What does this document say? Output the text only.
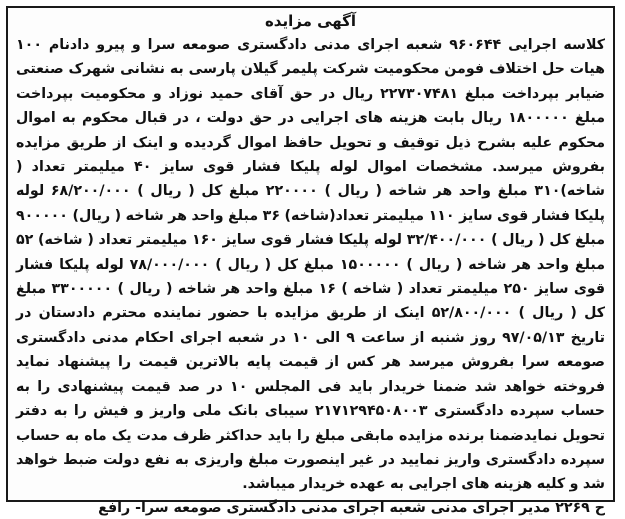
آگهی مزایده

کلاسه اجرایی ۹۶۰۶۴۴ شعبه اجرای مدنی دادگستری صومعه سرا و پیرو دادنام ۱۰۰ هیات حل اختلاف فومن محکومیت شرکت پلیمر گیلان پارسی به نشانی شهرک صنعتی ضیابر بپرداخت مبلغ ۲۲۷۳۰۷۴۸۱ ریال در حق آقای حمید نوزاد و محکومیت بپرداخت مبلغ ۱۸۰۰۰۰۰ ریال بابت هزینه های اجرایی در حق دولت ، در قبال محکوم به اموال محکوم علیه بشرح ذیل توقیف و تحویل حافظ اموال گردیده و اینک از طریق مزایده بفروش میرسد. مشخصات اموال لوله پلیکا فشار قوی سایز ۴۰ میلیمتر تعداد ( شاخه)۳۱۰ مبلغ واحد هر شاخه ( ریال ) ۲۲۰۰۰۰ مبلغ کل ( ریال ) ۶۸/۲۰۰/۰۰۰ لوله پلیکا فشار قوی سایز ۱۱۰ میلیمتر تعداد(شاخه) ۳۶ مبلغ واحد هر شاخه ( ریال) ۹۰۰۰۰۰ مبلغ کل ( ریال ) ۳۲/۴۰۰/۰۰۰ لوله پلیکا فشار قوی سایز ۱۶۰ میلیمتر تعداد ( شاخه) ۵۲ مبلغ واحد هر شاخه ( ریال ) ۱۵۰۰۰۰۰ مبلغ کل ( ریال ) ۷۸/۰۰۰/۰۰۰ لوله پلیکا فشار قوی سایز ۲۵۰ میلیمتر تعداد ( شاخه ) ۱۶ مبلغ واحد هر شاخه ( ریال ) ۳۳۰۰۰۰۰ مبلغ کل ( ریال ) ۵۲/۸۰۰/۰۰۰ اینک از طریق مزایده با حضور نماینده محترم دادستان در تاریخ ۹۷/۰۵/۱۳ روز شنبه از ساعت ۹ الی ۱۰ در شعبه اجرای احکام مدنی دادگستری صومعه سرا بفروش میرسد هر کس از قیمت پایه بالاترین قیمت را پیشنهاد نماید فروخته خواهد شد ضمنا خریدار باید فی المجلس ۱۰ در صد قیمت پیشنهادی را به حساب سپرده دادگستری ۲۱۷۱۲۹۴۵۰۸۰۰۳ سیبای بانک ملی واریز و فیش را به دفتر تحویل نمایدضمنا برنده مزایده مابقی مبلغ را باید حداکثر ظرف مدت یک ماه به حساب سپرده دادگستری واریز نمایید در غیر اینصورت مبلغ واریزی به نفع دولت ضبط خواهد شد و کلیه هزینه های اجرایی به عهده خریدار میباشد.

ح ۲۲۶۹ مدیر اجرای مدنی شعبه اجرای مدنی دادگستری صومعه سرا- رافع
